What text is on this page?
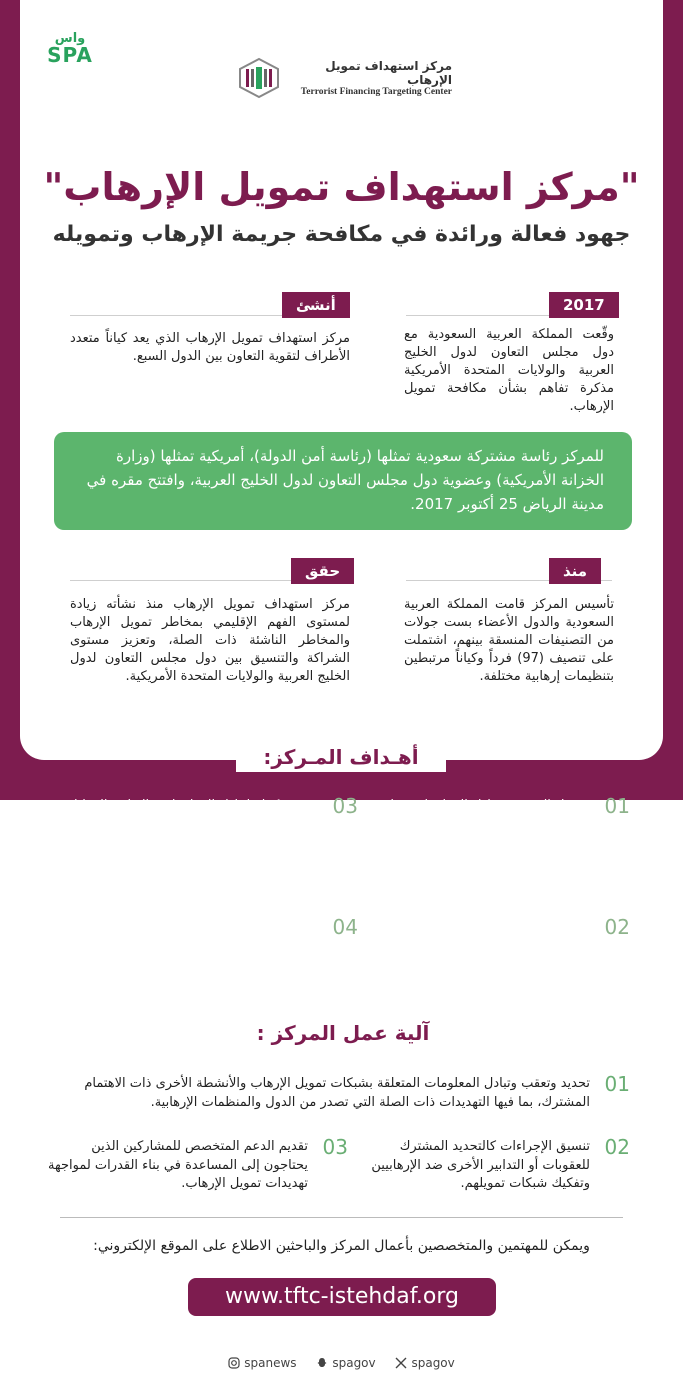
واس
SPA	مركز استهداف تمويل الإرهاب
Terrorist Financing Targeting Center
"مركز استهداف تمويل الإرهاب"
جهود فعالة ورائدة في مكافحة جريمة الإرهاب وتمويله
2017
وقّعت المملكة العربية السعودية مع دول مجلس التعاون لدول الخليج العربية والولايات المتحدة الأمريكية مذكرة تفاهم بشأن مكافحة تمويل الإرهاب.
أنشئ
مركز استهداف تمويل الإرهاب الذي يعد كياناً متعدد الأطراف لتقوية التعاون بين الدول السبع.
للمركز رئاسة مشتركة سعودية تمثلها (رئاسة أمن الدولة)، أمريكية تمثلها (وزارة الخزانة الأمريكية) وعضوية دول مجلس التعاون لدول الخليج العربية، وافتتح مقره في مدينة الرياض 25 أكتوبر 2017.
منذ
تأسيس المركز قامت المملكة العربية السعودية والدول الأعضاء بست جولات من التصنيفات المنسقة بينهم، اشتملت على تنصيف (97) فرداً وكياناً مرتبطين بتنظيمات إرهابية مختلفة.
حقق
مركز استهداف تمويل الإرهاب منذ نشأته زيادة لمستوى الفهم الإقليمي بمخاطر تمويل الإرهاب والمخاطر الناشئة ذات الصلة، وتعزيز مستوى الشراكة والتنسيق بين دول مجلس التعاون لدول الخليج العربية والولايات المتحدة الأمريكية.
أهـداف المـركز:
01
تسهيل التنسيق وتبادل المعلومات وبناء القدرات لاستهداف شبكات تمويل الإرهاب والأنشطة الأخرى ذات الاهتمام المشترك التي تهدد الأمن الوطني لدى الدول الأعضاء.
03
جهود مكملة لتبادل المعلومات والتعاون العملياتي القائم بشكل ثنائي بين الدول المشاركة، وتحديد وتعقب وتبادل المعلومات المتعلقة بشبكات تمويل الإرهاب والأنشطة الأخرى ذات الاهتمام المشترك.
02
الاستفادة من الخبرات المتاحة لدى الدول المشاركة لاستهداف شبكات تمويل إرهاب محددة.
04
تحديد الشركاء الإقليميين والعمل على تزويدهم بالقدرات التي يحتاجونها لمكافحة تمويل الإرهاب داخل حدودهم.
آلية عمل المركز :
01
تحديد وتعقب وتبادل المعلومات المتعلقة بشبكات تمويل الإرهاب والأنشطة الأخرى ذات الاهتمام المشترك، بما فيها التهديدات ذات الصلة التي تصدر من الدول والمنظمات الإرهابية.
02
تنسيق الإجراءات كالتحديد المشترك للعقوبات أو التدابير الأخرى ضد الإرهابيين وتفكيك شبكات تمويلهم.
03
تقديم الدعم المتخصص للمشاركين الذين يحتاجون إلى المساعدة في بناء القدرات لمواجهة تهديدات تمويل الإرهاب.
ويمكن للمهتمين والمتخصصين بأعمال المركز والباحثين الاطلاع على الموقع الإلكتروني:
www.tftc-istehdaf.org
spanews
	spagov
	spagov
